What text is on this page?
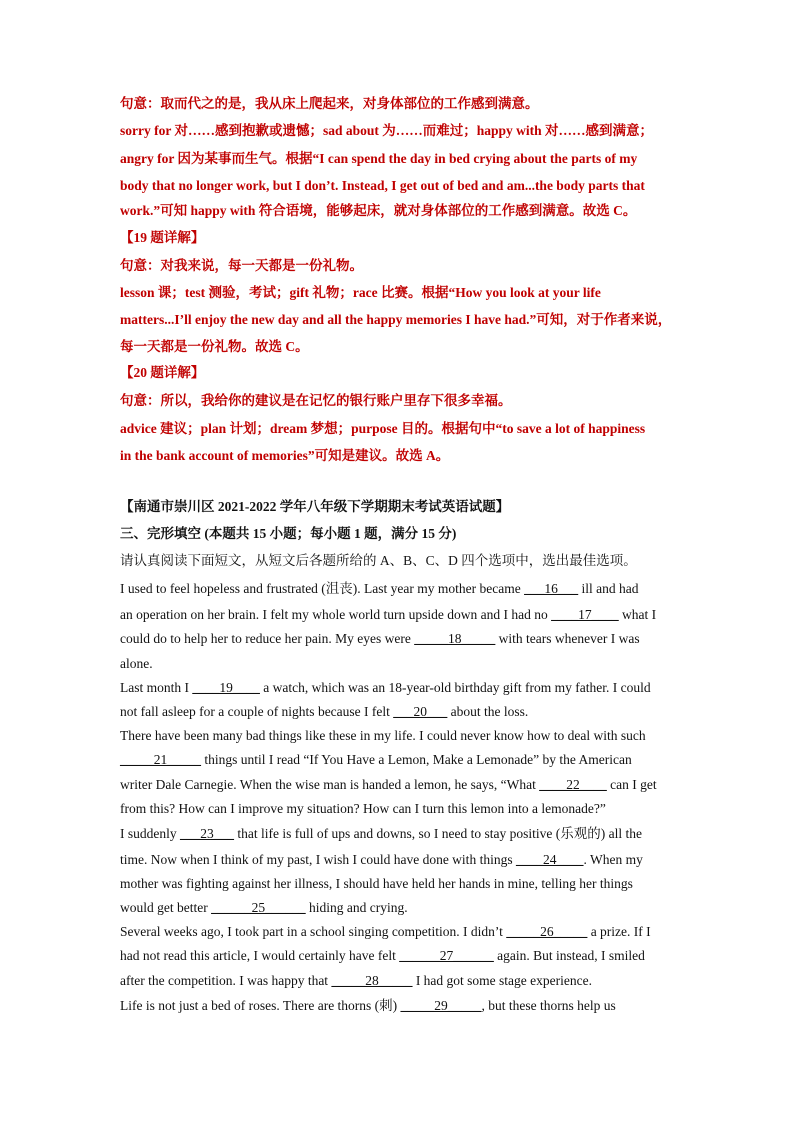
句意：取而代之的是，我从床上爬起来，对身体部位的工作感到满意。
sorry for 对……感到抱歉或遗憾；sad about 为……而难过；happy with 对……感到满意；
angry for 因为某事而生气。根据“I can spend the day in bed crying about the parts of my
body that no longer work, but I don’t. Instead, I get out of bed and am...the body parts that
work.”可知 happy with 符合语境，能够起床，就对身体部位的工作感到满意。故选 C。
【19 题详解】
句意：对我来说，每一天都是一份礼物。
lesson 课；test 测验，考试；gift 礼物；race 比赛。根据“How you look at your life
matters...I’ll enjoy the new day and all the happy memories I have had.”可知，对于作者来说，
每一天都是一份礼物。故选 C。
【20 题详解】
句意：所以，我给你的建议是在记忆的银行账户里存下很多幸福。
advice 建议；plan 计划；dream 梦想；purpose 目的。根据句中“to save a lot of happiness
in the bank account of memories”可知是建议。故选 A。
【南通市崇川区 2021-2022 学年八年级下学期期末考试英语试题】
三、完形填空 (本题共 15 小题；每小题 1 题，满分 15 分)
请认真阅读下面短文，从短文后各题所给的 A、B、C、D 四个选项中，选出最佳选项。
I used to feel hopeless and frustrated (沮丧). Last year my mother became ___16___ ill and had
an operation on her brain. I felt my whole world turn upside down and I had no ____17____ what I
could do to help her to reduce her pain. My eyes were _____18_____ with tears whenever I was
alone.
Last month I ____19____ a watch, which was an 18-year-old birthday gift from my father. I could
not fall asleep for a couple of nights because I felt ___20___ about the loss.
There have been many bad things like these in my life. I could never know how to deal with such
_____21_____ things until I read “If You Have a Lemon, Make a Lemonade” by the American
writer Dale Carnegie. When the wise man is handed a lemon, he says, “What ____22____ can I get
from this? How can I improve my situation? How can I turn this lemon into a lemonade?”
I suddenly ___23___ that life is full of ups and downs, so I need to stay positive (乐观的) all the
time. Now when I think of my past, I wish I could have done with things ____24____. When my
mother was fighting against her illness, I should have held her hands in mine, telling her things
would get better ______25______ hiding and crying.
Several weeks ago, I took part in a school singing competition. I didn’t _____26_____ a prize. If I
had not read this article, I would certainly have felt ______27______ again. But instead, I smiled
after the competition. I was happy that _____28_____ I had got some stage experience.
Life is not just a bed of roses. There are thorns (刺) _____29_____, but these thorns help us
